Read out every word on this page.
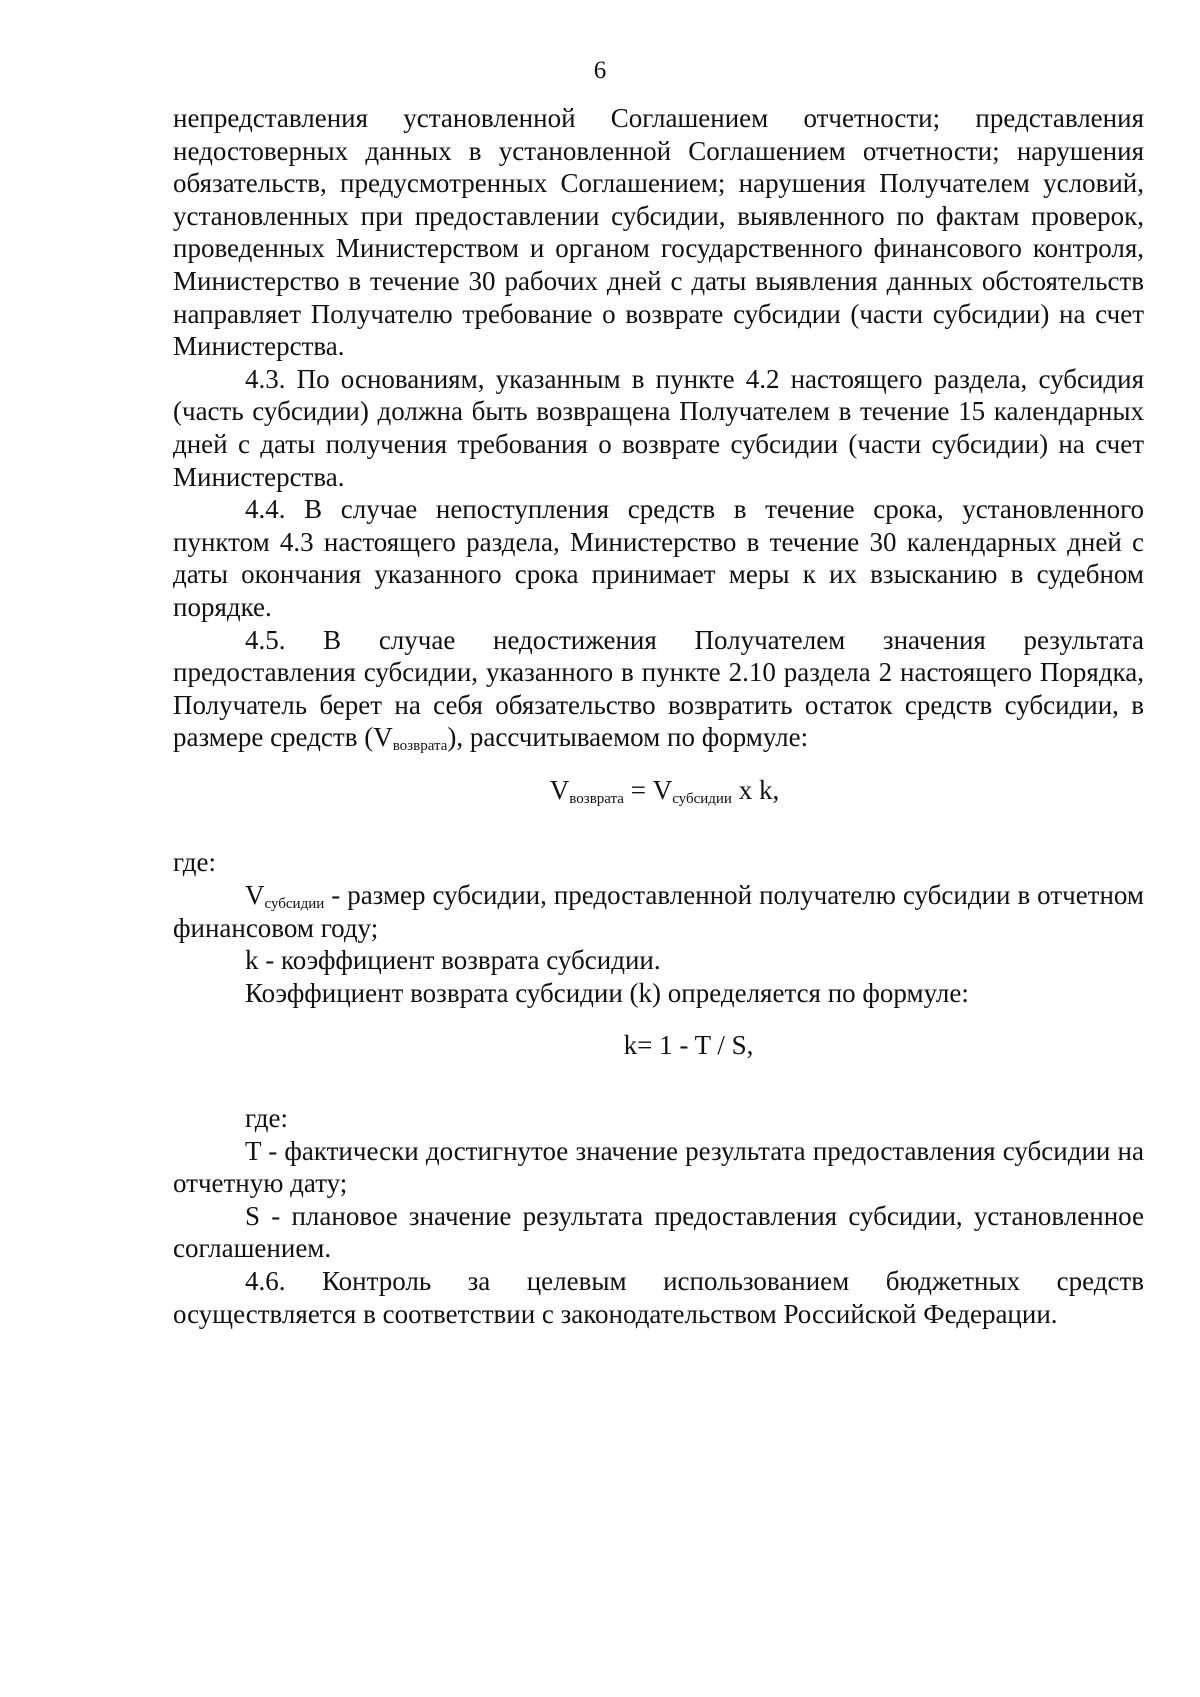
6

непредставления установленной Соглашением отчетности; представления недостоверных данных в установленной Соглашением отчетности; нарушения обязательств, предусмотренных Соглашением; нарушения Получателем условий, установленных при предоставлении субсидии, выявленного по фактам проверок, проведенных Министерством и органом государственного финансового контроля, Министерство в течение 30 рабочих дней с даты выявления данных обстоятельств направляет Получателю требование о возврате субсидии (части субсидии) на счет Министерства.

4.3. По основаниям, указанным в пункте 4.2 настоящего раздела, субсидия (часть субсидии) должна быть возвращена Получателем в течение 15 календарных дней с даты получения требования о возврате субсидии (части субсидии) на счет Министерства.

4.4. В случае непоступления средств в течение срока, установленного пунктом 4.3 настоящего раздела, Министерство в течение 30 календарных дней с даты окончания указанного срока принимает меры к их взысканию в судебном порядке.

4.5. В случае недостижения Получателем значения результата предоставления субсидии, указанного в пункте 2.10 раздела 2 настоящего Порядка, Получатель берет на себя обязательство возвратить остаток средств субсидии, в размере средств $(V_{возврата})$, рассчитываемом по формуле:

$V_{возврата} = V_{субсидии}$ x k,

где:

$V_{субсидии}$ - размер субсидии, предоставленной получателю субсидии в отчетном финансовом году;

k - коэффициент возврата субсидии.

Коэффициент возврата субсидии (k) определяется по формуле:

k= 1 - T / S,

где:

T - фактически достигнутое значение результата предоставления субсидии на отчетную дату;

S - плановое значение результата предоставления субсидии, установленное соглашением.

4.6. Контроль за целевым использованием бюджетных средств осуществляется в соответствии с законодательством Российской Федерации.
